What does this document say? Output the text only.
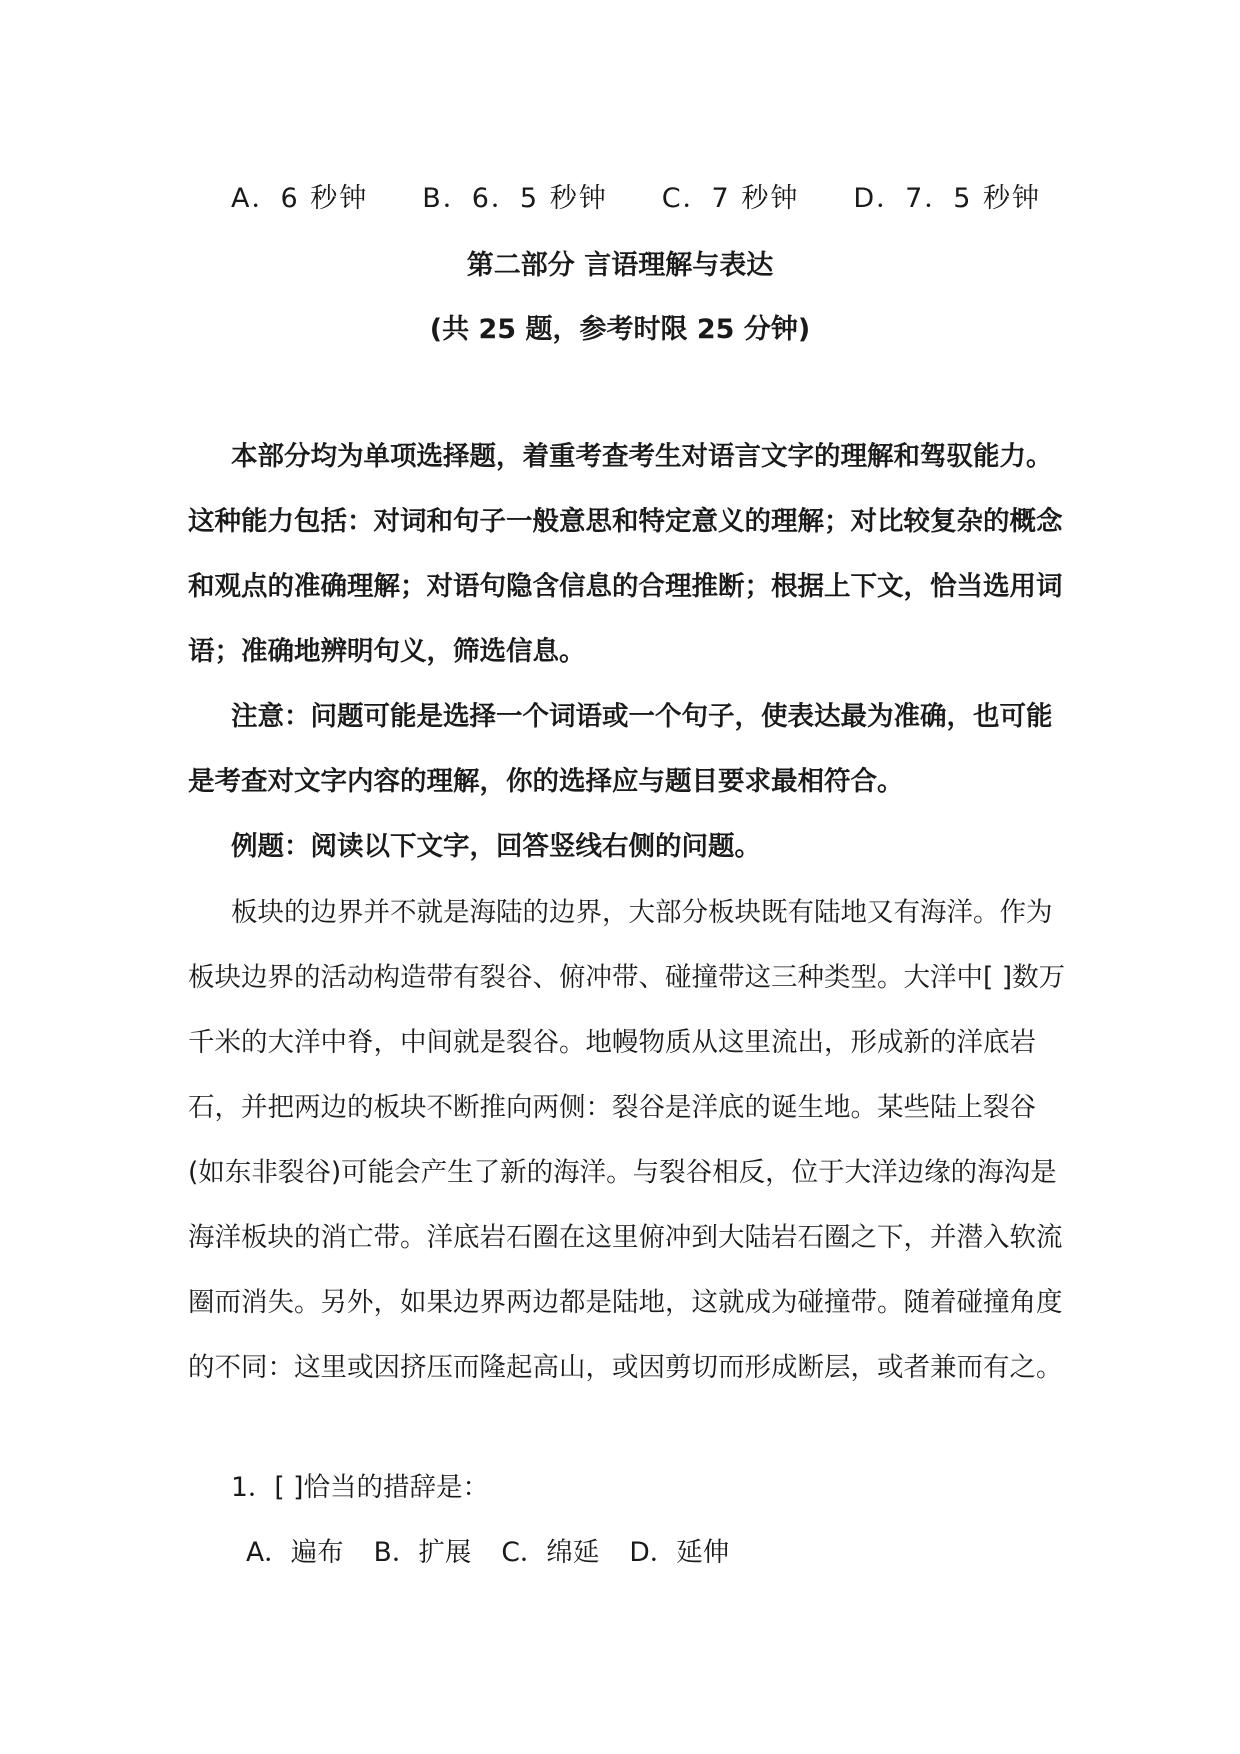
A．6 秒钟 B．6．5 秒钟 C．7 秒钟 D．7．5 秒钟
第二部分 言语理解与表达
(共 25 题，参考时限 25 分钟)
本部分均为单项选择题，着重考查考生对语言文字的理解和驾驭能力。这种能力包括：对词和句子一般意思和特定意义的理解；对比较复杂的概念和观点的准确理解；对语句隐含信息的合理推断；根据上下文，恰当选用词语；准确地辨明句义，筛选信息。
注意：问题可能是选择一个词语或一个句子，使表达最为准确，也可能是考查对文字内容的理解，你的选择应与题目要求最相符合。
例题：阅读以下文字，回答竖线右侧的问题。
板块的边界并不就是海陆的边界，大部分板块既有陆地又有海洋。作为板块边界的活动构造带有裂谷、俯冲带、碰撞带这三种类型。大洋中[ ]数万千米的大洋中脊，中间就是裂谷。地幔物质从这里流出，形成新的洋底岩石，并把两边的板块不断推向两侧：裂谷是洋底的诞生地。某些陆上裂谷(如东非裂谷)可能会产生了新的海洋。与裂谷相反，位于大洋边缘的海沟是海洋板块的消亡带。洋底岩石圈在这里俯冲到大陆岩石圈之下，并潜入软流圈而消失。另外，如果边界两边都是陆地，这就成为碰撞带。随着碰撞角度的不同：这里或因挤压而隆起高山，或因剪切而形成断层，或者兼而有之。
1．[ ]恰当的措辞是：
A．遍布 B．扩展 C．绵延 D．延伸
